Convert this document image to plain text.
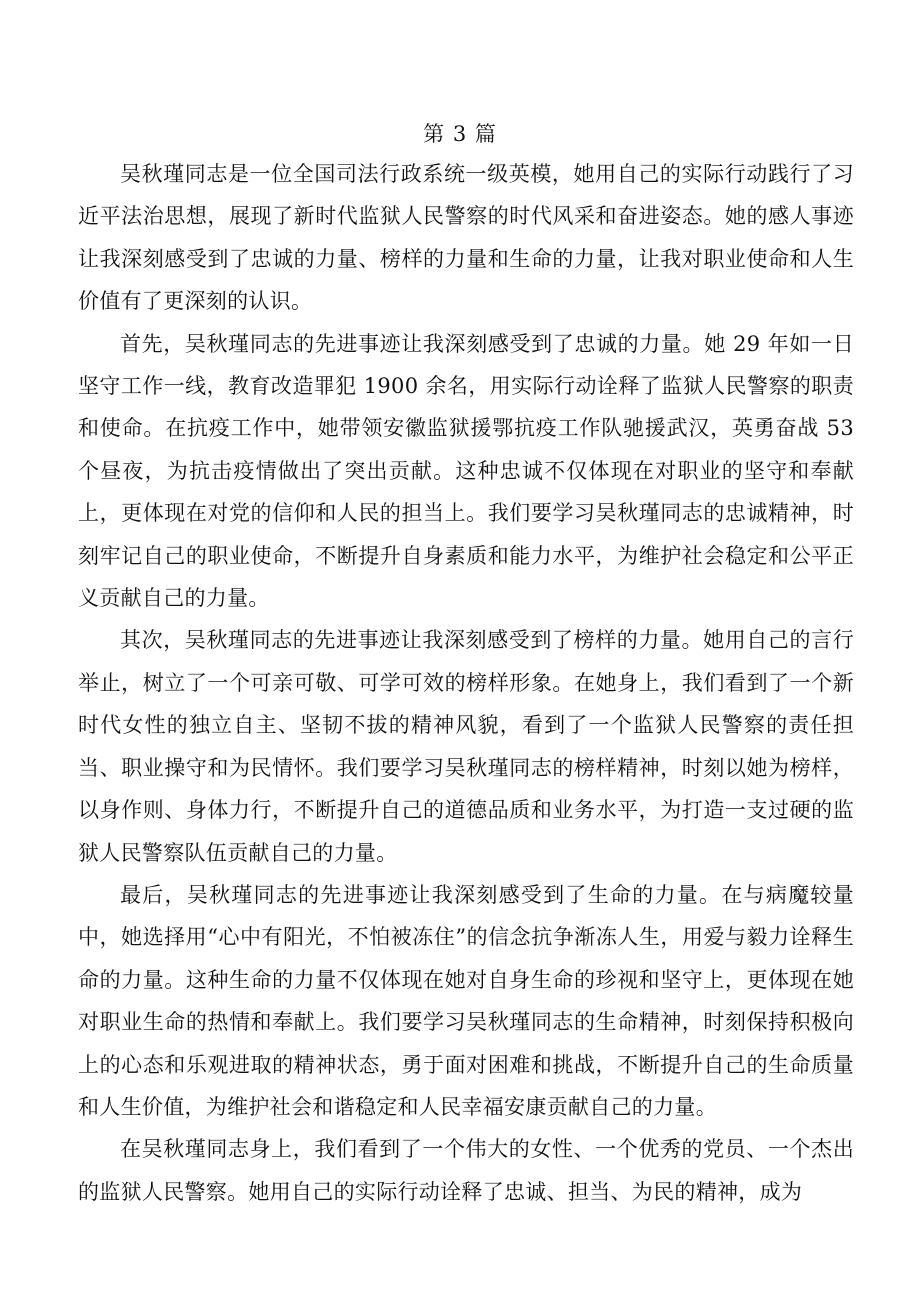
第 3 篇

吴秋瑾同志是一位全国司法行政系统一级英模，她用自己的实际行动践行了习近平法治思想，展现了新时代监狱人民警察的时代风采和奋进姿态。她的感人事迹让我深刻感受到了忠诚的力量、榜样的力量和生命的力量，让我对职业使命和人生价值有了更深刻的认识。

首先，吴秋瑾同志的先进事迹让我深刻感受到了忠诚的力量。她 29 年如一日坚守工作一线，教育改造罪犯 1900 余名，用实际行动诠释了监狱人民警察的职责和使命。在抗疫工作中，她带领安徽监狱援鄂抗疫工作队驰援武汉，英勇奋战 53 个昼夜，为抗击疫情做出了突出贡献。这种忠诚不仅体现在对职业的坚守和奉献上，更体现在对党的信仰和人民的担当上。我们要学习吴秋瑾同志的忠诚精神，时刻牢记自己的职业使命，不断提升自身素质和能力水平，为维护社会稳定和公平正义贡献自己的力量。

其次，吴秋瑾同志的先进事迹让我深刻感受到了榜样的力量。她用自己的言行举止，树立了一个可亲可敬、可学可效的榜样形象。在她身上，我们看到了一个新时代女性的独立自主、坚韧不拔的精神风貌，看到了一个监狱人民警察的责任担当、职业操守和为民情怀。我们要学习吴秋瑾同志的榜样精神，时刻以她为榜样，以身作则、身体力行，不断提升自己的道德品质和业务水平，为打造一支过硬的监狱人民警察队伍贡献自己的力量。

最后，吴秋瑾同志的先进事迹让我深刻感受到了生命的力量。在与病魔较量中，她选择用“心中有阳光，不怕被冻住”的信念抗争渐冻人生，用爱与毅力诠释生命的力量。这种生命的力量不仅体现在她对自身生命的珍视和坚守上，更体现在她对职业生命的热情和奉献上。我们要学习吴秋瑾同志的生命精神，时刻保持积极向上的心态和乐观进取的精神状态，勇于面对困难和挑战，不断提升自己的生命质量和人生价值，为维护社会和谐稳定和人民幸福安康贡献自己的力量。

在吴秋瑾同志身上，我们看到了一个伟大的女性、一个优秀的党员、一个杰出的监狱人民警察。她用自己的实际行动诠释了忠诚、担当、为民的精神，成为
